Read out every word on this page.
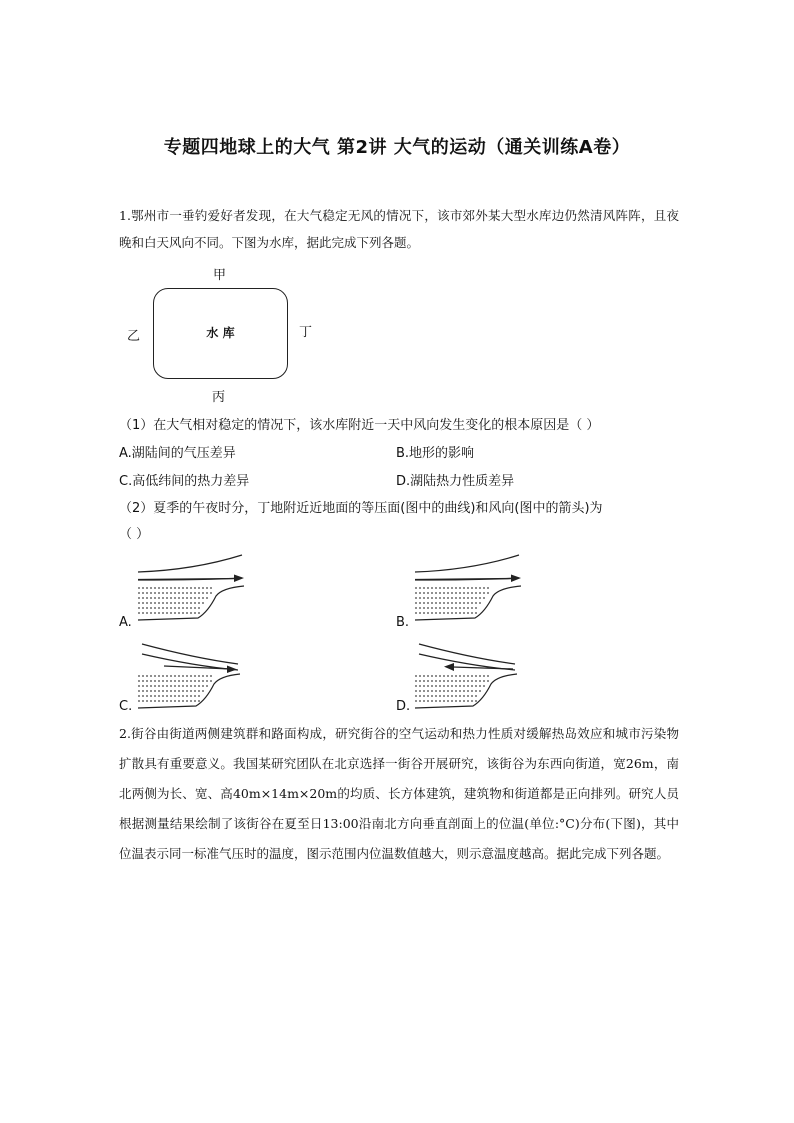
专题四地球上的大气 第2讲 大气的运动（通关训练A卷）
1.鄂州市一垂钓爱好者发现，在大气稳定无风的情况下，该市郊外某大型水库边仍然清风阵阵，且夜晚和白天风向不同。下图为水库，据此完成下列各题。
甲
乙	丁
丙
水 库
（1）在大气相对稳定的情况下，该水库附近一天中风向发生变化的根本原因是（ ）
A.湖陆间的气压差异	B.地形的影响
C.高低纬间的热力差异	D.湖陆热力性质差异
（2）夏季的午夜时分，丁地附近近地面的等压面(图中的曲线)和风向(图中的箭头)为
（ ）
A.	B.
C.	D.
2.街谷由街道两侧建筑群和路面构成，研究街谷的空气运动和热力性质对缓解热岛效应和城市污染物扩散具有重要意义。我国某研究团队在北京选择一街谷开展研究，该街谷为东西向街道，宽26m，南北两侧为长、宽、高40m×14m×20m的均质、长方体建筑，建筑物和街道都是正向排列。研究人员根据测量结果绘制了该街谷在夏至日13:00沿南北方向垂直剖面上的位温(单位:°C)分布(下图)，其中位温表示同一标准气压时的温度，图示范围内位温数值越大，则示意温度越高。据此完成下列各题。
